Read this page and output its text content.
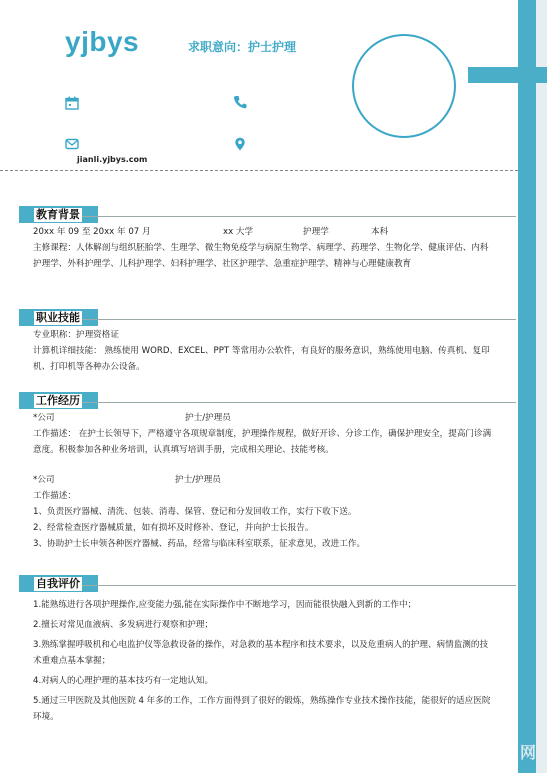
yjbys	求职意向：护士护理
jianli.yjbys.com
教育背景
20xx 年 09 至 20xx 年 07 月	xx 大学	护理学	本科
主修课程：人体解剖与组织胚胎学、生理学、微生物免疫学与病原生物学、病理学、药理学、生物化学、健康评估、内科护理学、外科护理学、儿科护理学、妇科护理学、社区护理学、急重症护理学、精神与心理健康教育
职业技能
专业职称：护理资格证
计算机详细技能： 熟练使用 WORD、EXCEL、PPT 等常用办公软件，有良好的服务意识，熟练使用电脑、传真机、复印机、打印机等各种办公设备。
工作经历
*公司	护士/护理员
工作描述： 在护士长领导下，严格遵守各项规章制度，护理操作规程，做好开诊、分诊工作，确保护理安全，提高门诊满意度。积极参加各种业务培训，认真填写培训手册，完成相关理论、技能考核。
*公司	护士/护理员
工作描述：
1、负责医疗器械、清洗、包装、消毒、保管、登记和分发回收工作，实行下收下送。
2、经常检查医疗器械质量，如有损坏及时修补、登记，并向护士长报告。
3、协助护士长申领各种医疗器械、药品，经常与临床科室联系，征求意见，改进工作。
自我评价
1.能熟练进行各项护理操作,应变能力强,能在实际操作中不断地学习，因而能很快融入到新的工作中；
2.擅长对常见血液病、多发病进行观察和护理；
3.熟练掌握呼吸机和心电监护仪等急救设备的操作，对急救的基本程序和技术要求，以及危重病人的护理、病情监测的技术重难点基本掌握；
4.对病人的心理护理的基本技巧有一定地认知。
5.通过三甲医院及其他医院 4 年多的工作，工作方面得到了很好的锻炼，熟练操作专业技术操作技能，能很好的适应医院环境。
网
